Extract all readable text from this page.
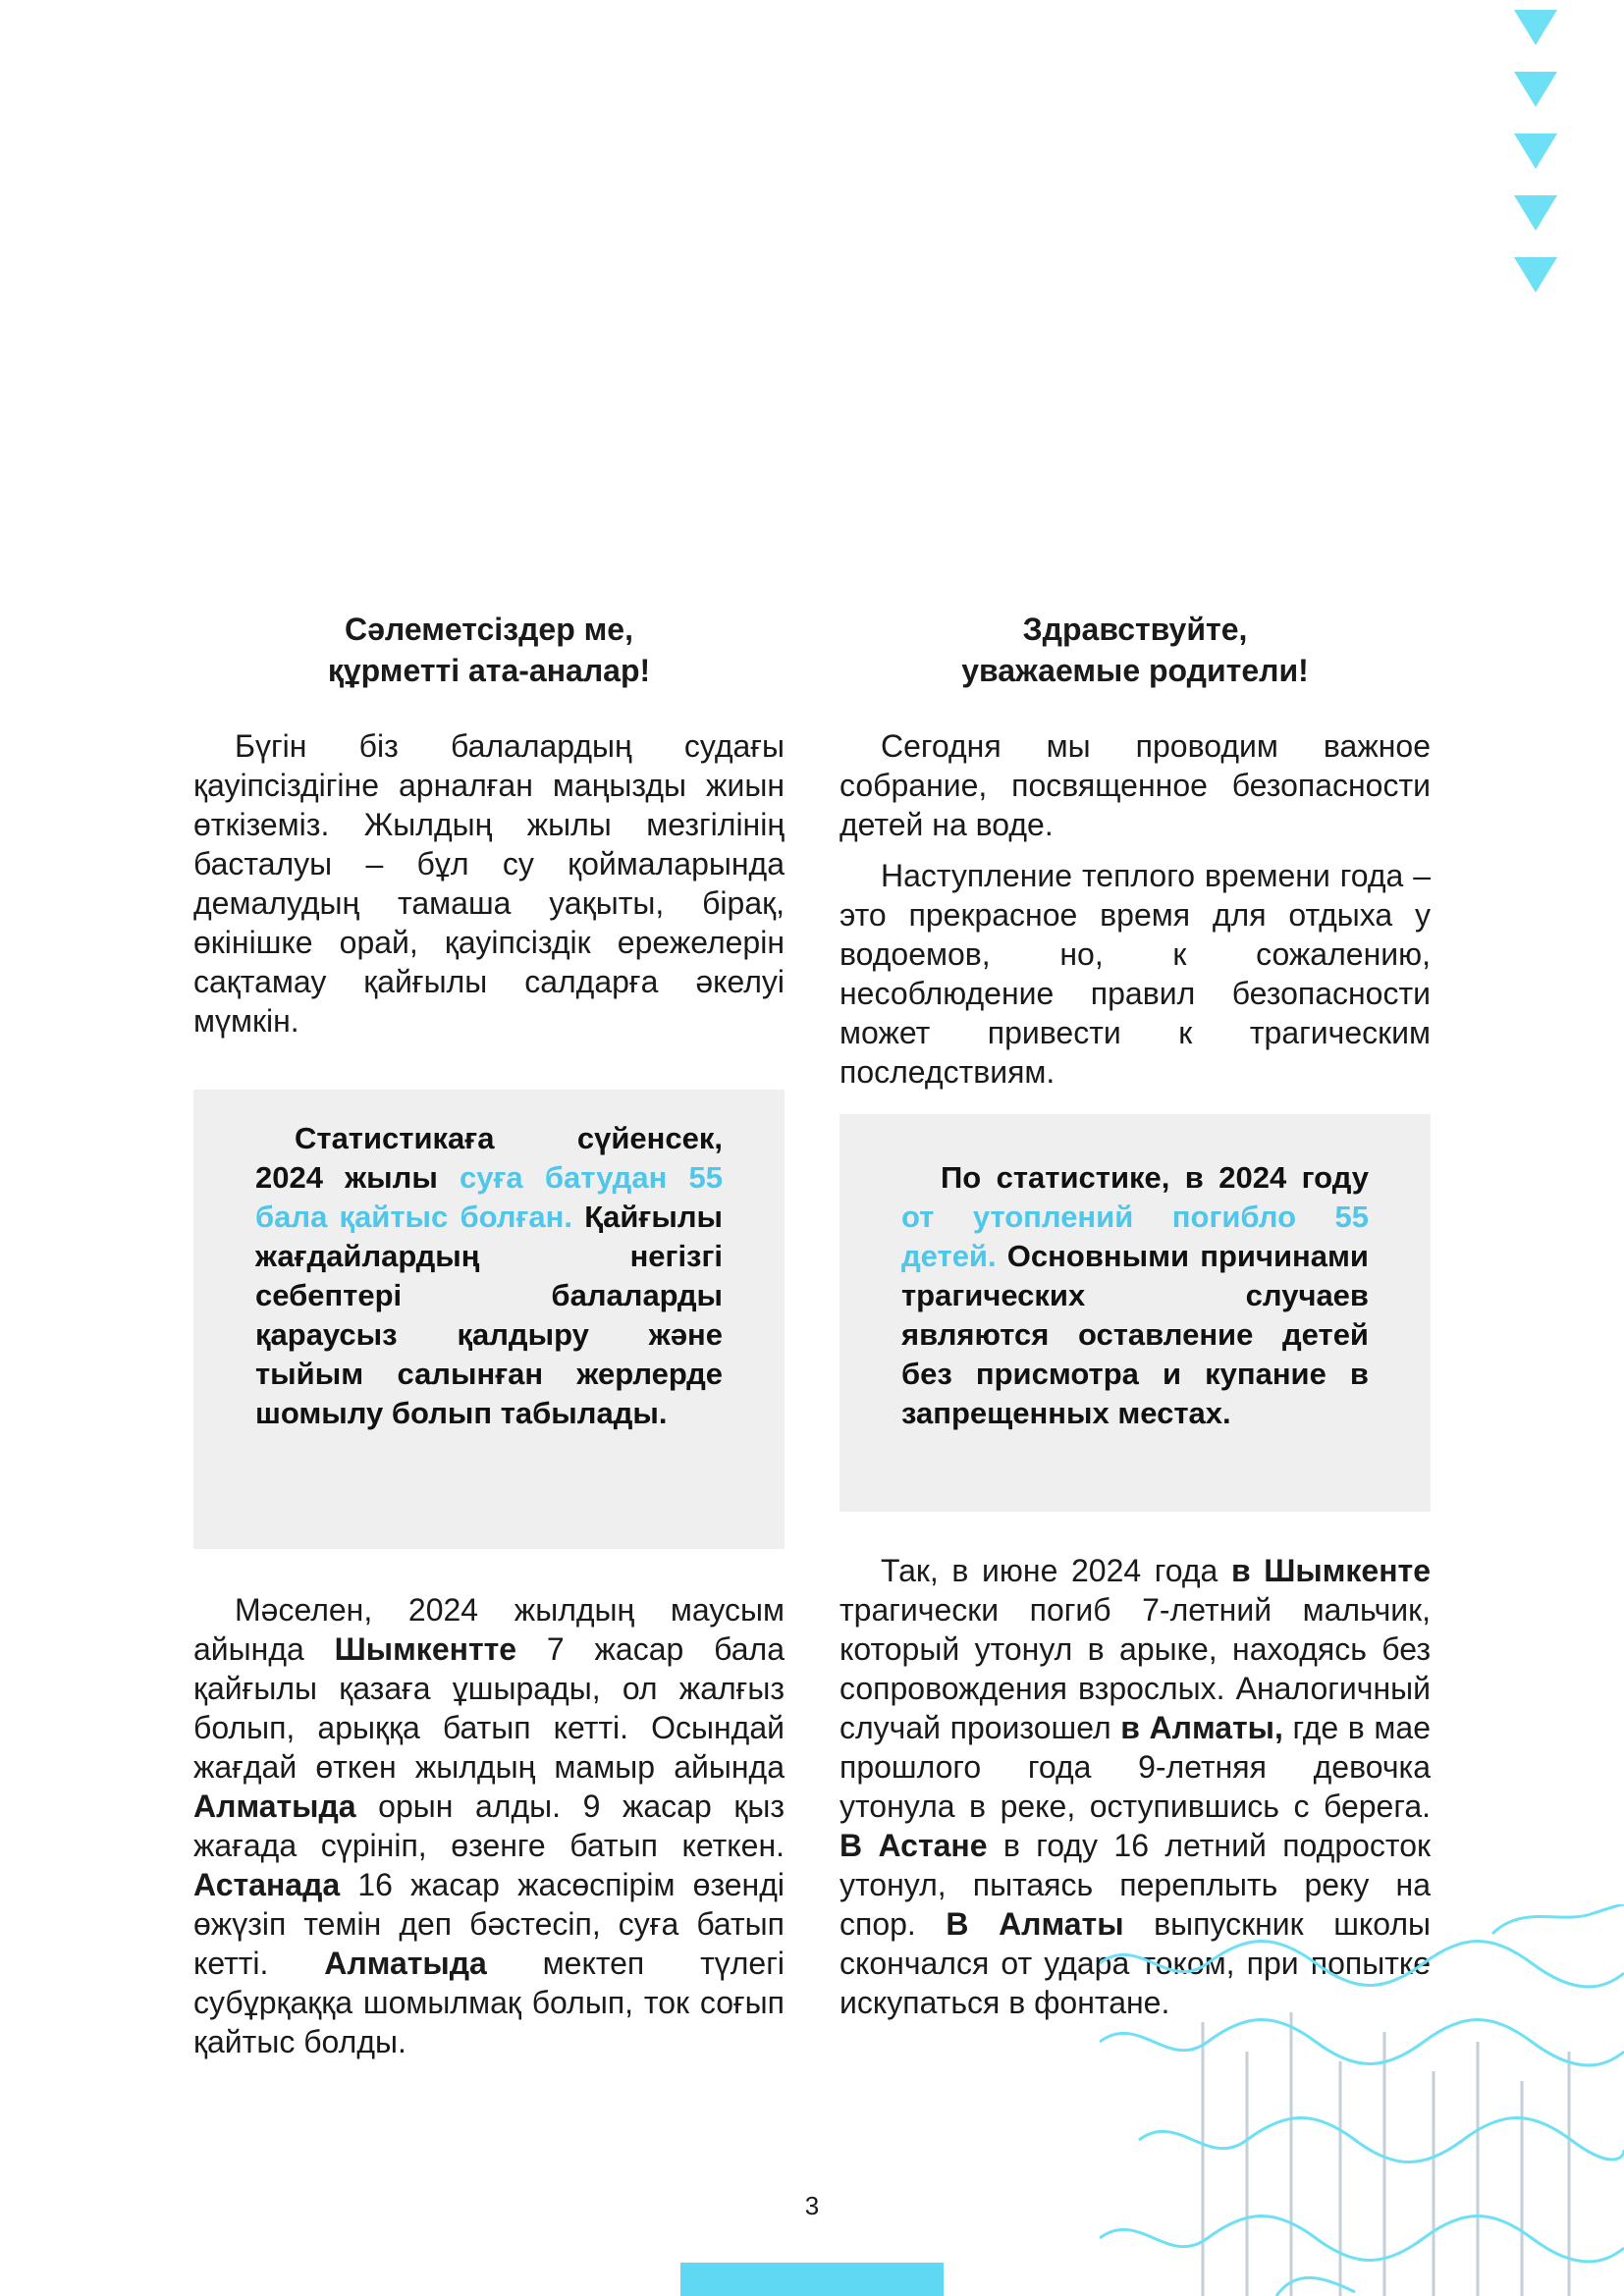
Сәлеметсіздер ме,
құрметті ата-аналар!

Бүгін біз балалардың судағы қауіпсіздігіне арналған маңызды жиын өткіземіз. Жылдың жылы мезгілінің басталуы – бұл су қоймаларында демалудың тамаша уақыты, бірақ, өкінішке орай, қауіпсіздік ережелерін сақтамау қайғылы салдарға әкелуі мүмкін.

Статистикаға сүйенсек, 2024 жылы суға батудан 55 бала қайтыс болған. Қайғылы жағдайлардың негізгі себептері балаларды қараусыз қалдыру және тыйым салынған жерлерде шомылу болып табылады.

Мәселен, 2024 жылдың маусым айында Шымкентте 7 жасар бала қайғылы қазаға ұшырады, ол жалғыз болып, арыққа батып кетті. Осындай жағдай өткен жылдың мамыр айында Алматыда орын алды. 9 жасар қыз жағада сүрініп, өзенге батып кеткен. Астанада 16 жасар жасөспірім өзенді өжүзіп темін деп бәстесіп, суға батып кетті. Алматыда мектеп түлегі субұрқаққа шомылмақ болып, ток соғып қайтыс болды.

Здравствуйте,
уважаемые родители!

Сегодня мы проводим важное собрание, посвященное безопасности детей на воде.

Наступление теплого времени года – это прекрасное время для отдыха у водоемов, но, к сожалению, несоблюдение правил безопасности может привести к трагическим последствиям.

По статистике, в 2024 году от утоплений погибло 55 детей. Основными причинами трагических случаев являются оставление детей без присмотра и купание в запрещенных местах.

Так, в июне 2024 года в Шымкенте трагически погиб 7-летний мальчик, который утонул в арыке, находясь без сопровождения взрослых. Аналогичный случай произошел в Алматы, где в мае прошлого года 9-летняя девочка утонула в реке, оступившись с берега. В Астане в году 16 летний подросток утонул, пытаясь переплыть реку на спор. В Алматы выпускник школы скончался от удара током, при попытке искупаться в фонтане.

3
